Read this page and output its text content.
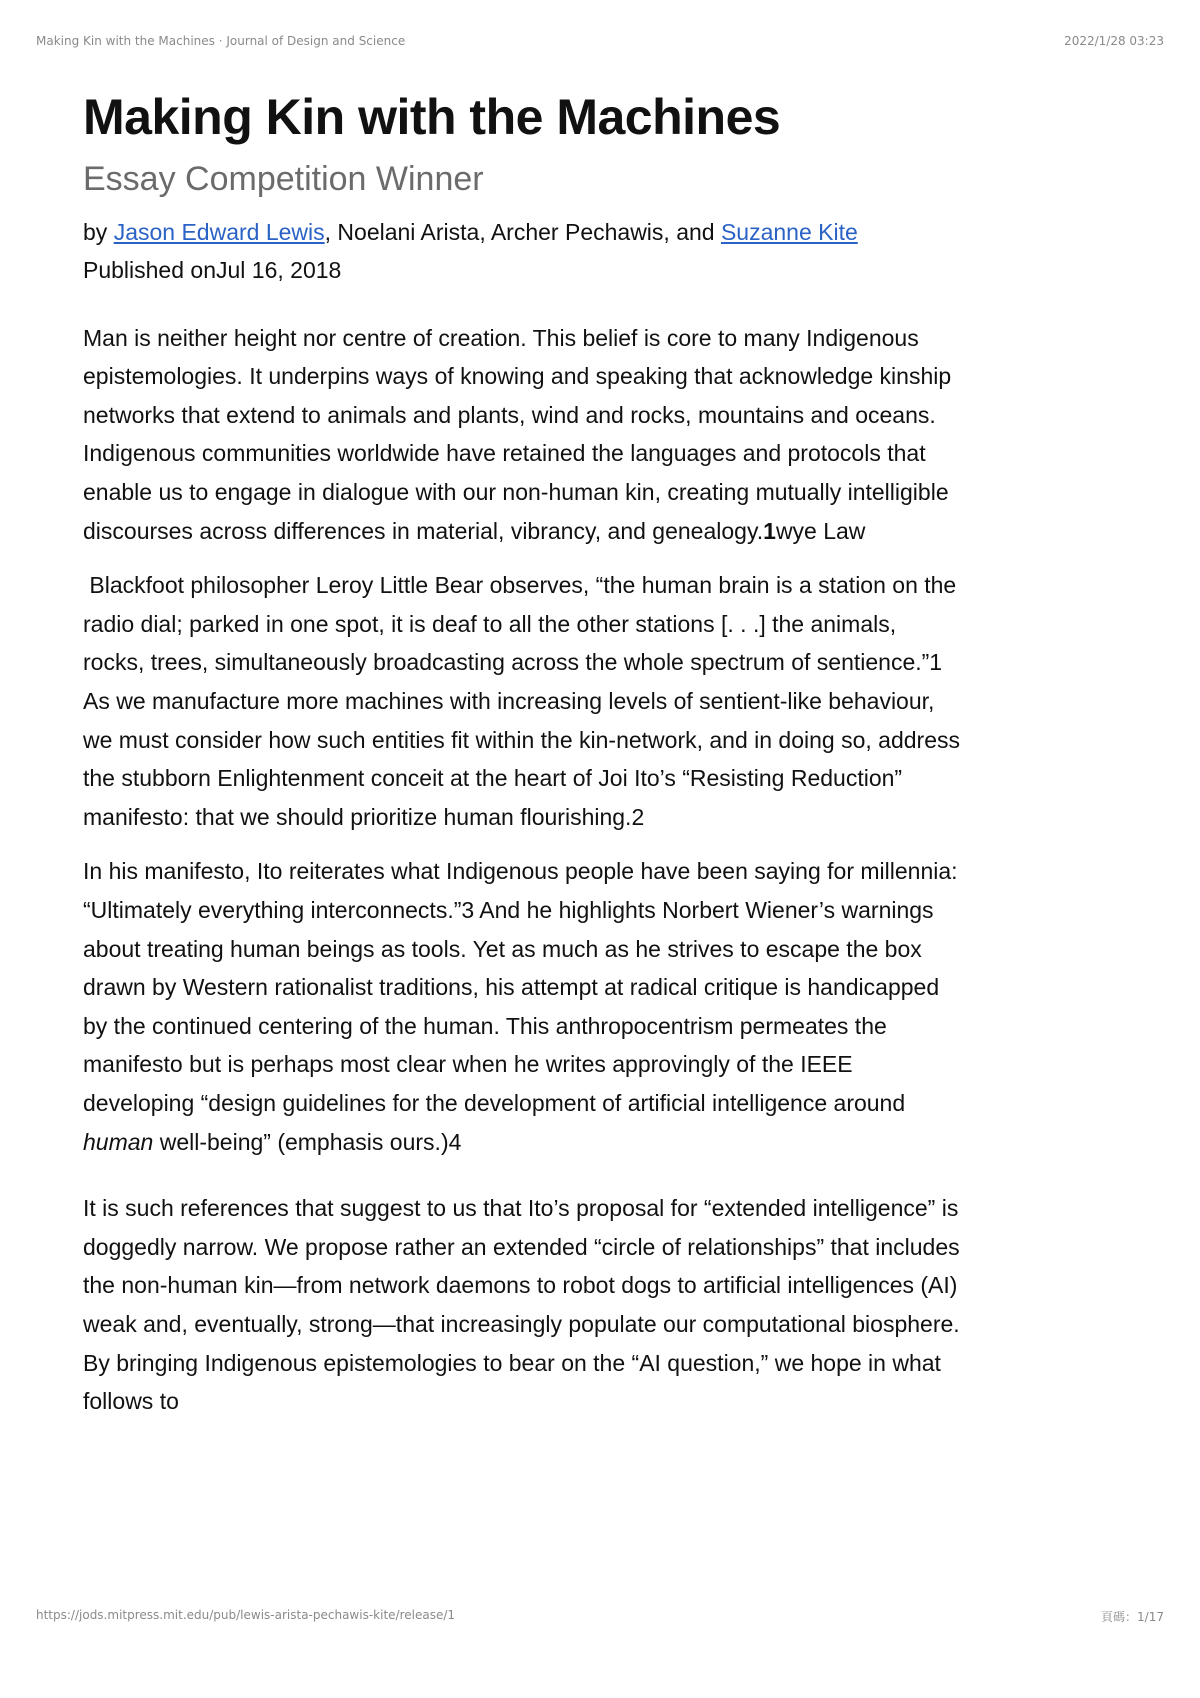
Making Kin with the Machines · Journal of Design and Science	2022/1/28 03:23
Making Kin with the Machines
Essay Competition Winner
by Jason Edward Lewis, Noelani Arista, Archer Pechawis, and Suzanne Kite
Published onJul 16, 2018

Man is neither height nor centre of creation. This belief is core to many Indigenous epistemologies. It underpins ways of knowing and speaking that acknowledge kinship networks that extend to animals and plants, wind and rocks, mountains and oceans. Indigenous communities worldwide have retained the languages and protocols that enable us to engage in dialogue with our non-human kin, creating mutually intelligible discourses across differences in material, vibrancy, and genealogy.1wye Law

Blackfoot philosopher Leroy Little Bear observes, “the human brain is a station on the radio dial; parked in one spot, it is deaf to all the other stations [. . .] the animals, rocks, trees, simultaneously broadcasting across the whole spectrum of sentience.”1 As we manufacture more machines with increasing levels of sentient-like behaviour, we must consider how such entities fit within the kin-network, and in doing so, address the stubborn Enlightenment conceit at the heart of Joi Ito’s “Resisting Reduction” manifesto: that we should prioritize human flourishing.2

In his manifesto, Ito reiterates what Indigenous people have been saying for millennia: “Ultimately everything interconnects.”3 And he highlights Norbert Wiener’s warnings about treating human beings as tools. Yet as much as he strives to escape the box drawn by Western rationalist traditions, his attempt at radical critique is handicapped by the continued centering of the human. This anthropocentrism permeates the manifesto but is perhaps most clear when he writes approvingly of the IEEE developing “design guidelines for the development of artificial intelligence around human well-being” (emphasis ours.)4

It is such references that suggest to us that Ito’s proposal for “extended intelligence” is doggedly narrow. We propose rather an extended “circle of relationships” that includes the non-human kin—from network daemons to robot dogs to artificial intelligences (AI) weak and, eventually, strong—that increasingly populate our computational biosphere. By bringing Indigenous epistemologies to bear on the “AI question,” we hope in what follows to

https://jods.mitpress.mit.edu/pub/lewis-arista-pechawis-kite/release/1	頁碼：1/17
